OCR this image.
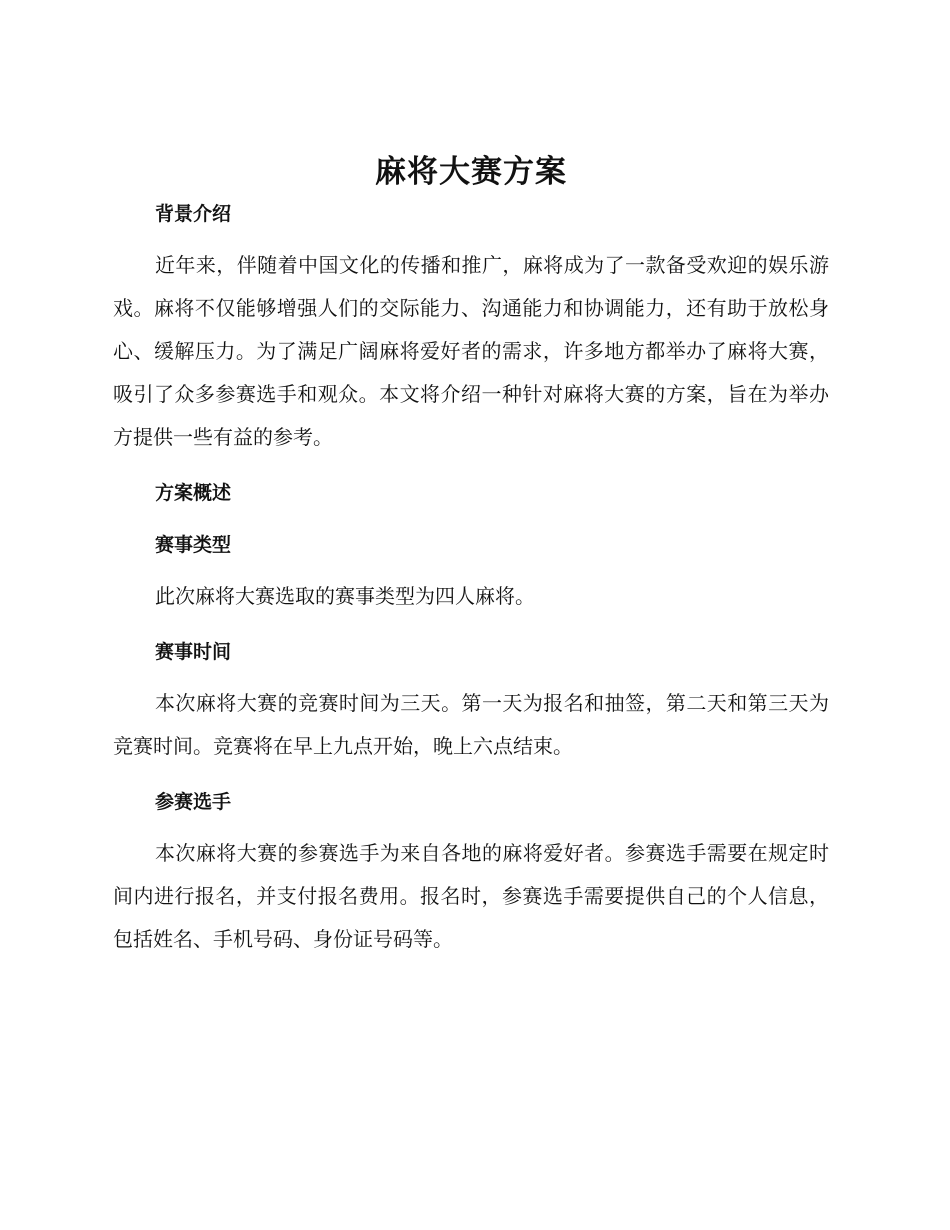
麻将大赛方案
背景介绍

近年来，伴随着中国文化的传播和推广，麻将成为了一款备受欢迎的娱乐游戏。麻将不仅能够增强人们的交际能力、沟通能力和协调能力，还有助于放松身心、缓解压力。为了满足广阔麻将爱好者的需求，许多地方都举办了麻将大赛，吸引了众多参赛选手和观众。本文将介绍一种针对麻将大赛的方案，旨在为举办方提供一些有益的参考。

方案概述
赛事类型

此次麻将大赛选取的赛事类型为四人麻将。

赛事时间

本次麻将大赛的竞赛时间为三天。第一天为报名和抽签，第二天和第三天为竞赛时间。竞赛将在早上九点开始，晚上六点结束。

参赛选手

本次麻将大赛的参赛选手为来自各地的麻将爱好者。参赛选手需要在规定时间内进行报名，并支付报名费用。报名时，参赛选手需要提供自己的个人信息，包括姓名、手机号码、身份证号码等。
